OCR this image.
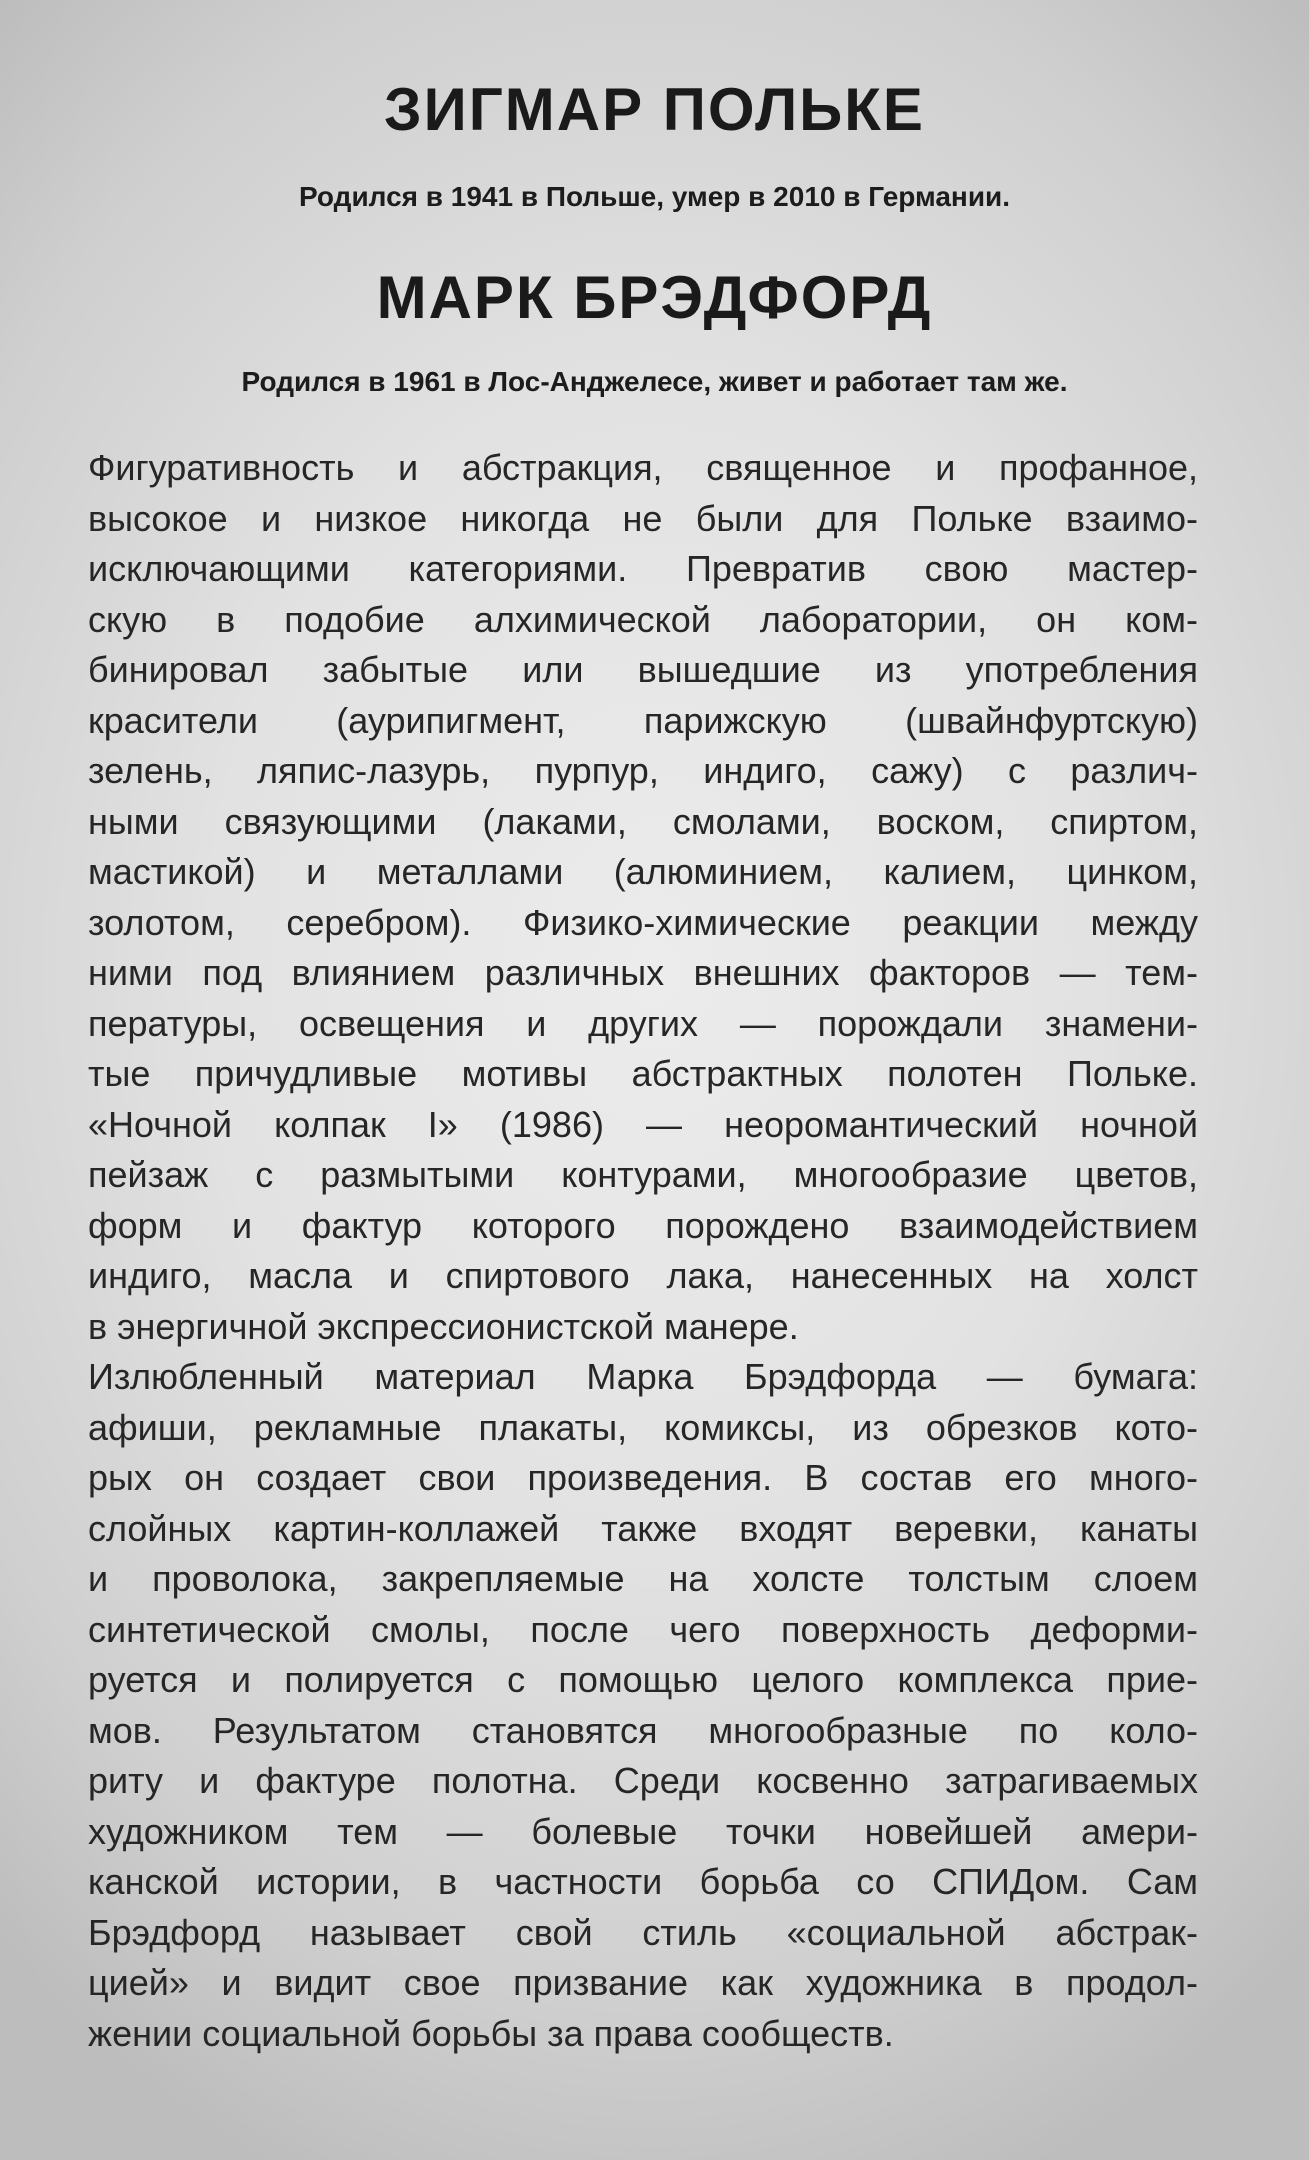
ЗИГМАР ПОЛЬКЕ
Родился в 1941 в Польше, умер в 2010 в Германии.
МАРК БРЭДФОРД
Родился в 1961 в Лос-Анджелесе, живет и работает там же.
Фигуративность и абстракция, священное и профанное,
высокое и низкое никогда не были для Польке взаимо-
исключающими категориями. Превратив свою мастер-
скую в подобие алхимической лаборатории, он ком-
бинировал забытые или вышедшие из употребления
красители (аурипигмент, парижскую (швайнфуртскую)
зелень, ляпис-лазурь, пурпур, индиго, сажу) с различ-
ными связующими (лаками, смолами, воском, спиртом,
мастикой) и металлами (алюминием, калием, цинком,
золотом, серебром). Физико-химические реакции между
ними под влиянием различных внешних факторов — тем-
пературы, освещения и других — порождали знамени-
тые причудливые мотивы абстрактных полотен Польке.
«Ночной колпак I» (1986) — неоромантический ночной
пейзаж с размытыми контурами, многообразие цветов,
форм и фактур которого порождено взаимодействием
индиго, масла и спиртового лака, нанесенных на холст
в энергичной экспрессионистской манере.
Излюбленный материал Марка Брэдфорда — бумага:
афиши, рекламные плакаты, комиксы, из обрезков кото-
рых он создает свои произведения. В состав его много-
слойных картин-коллажей также входят веревки, канаты
и проволока, закрепляемые на холсте толстым слоем
синтетической смолы, после чего поверхность деформи-
руется и полируется с помощью целого комплекса прие-
мов. Результатом становятся многообразные по коло-
риту и фактуре полотна. Среди косвенно затрагиваемых
художником тем — болевые точки новейшей амери-
канской истории, в частности борьба со СПИДом. Сам
Брэдфорд называет свой стиль «социальной абстрак-
цией» и видит свое призвание как художника в продол-
жении социальной борьбы за права сообществ.
